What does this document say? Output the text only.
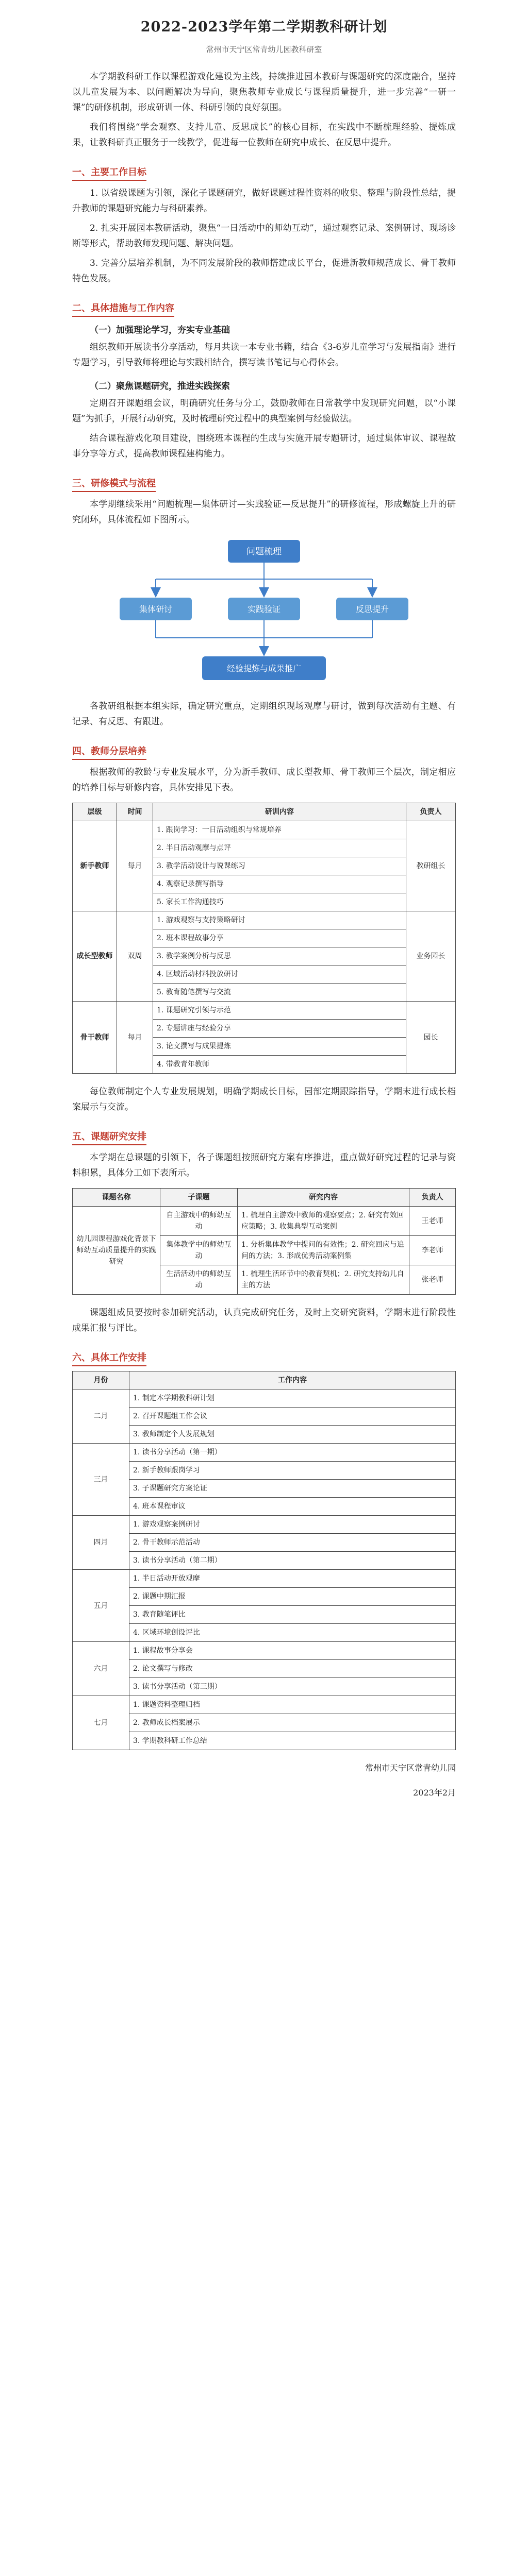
2022-2023学年第二学期教科研计划
常州市天宁区常青幼儿园教科研室

本学期教科研工作以课程游戏化建设为主线，持续推进园本教研与课题研究的深度融合，坚持以儿童发展为本、以问题解决为导向，聚焦教师专业成长与课程质量提升，进一步完善“一研一课”的研修机制，形成研训一体、科研引领的良好氛围。

我们将围绕“学会观察、支持儿童、反思成长”的核心目标，在实践中不断梳理经验、提炼成果，让教科研真正服务于一线教学，促进每一位教师在研究中成长、在反思中提升。

一、主要工作目标

1. 以省级课题为引领，深化子课题研究，做好课题过程性资料的收集、整理与阶段性总结，提升教师的课题研究能力与科研素养。

2. 扎实开展园本教研活动，聚焦“一日活动中的师幼互动”，通过观察记录、案例研讨、现场诊断等形式，帮助教师发现问题、解决问题。

3. 完善分层培养机制，为不同发展阶段的教师搭建成长平台，促进新教师规范成长、骨干教师特色发展。

二、具体措施与工作内容
（一）加强理论学习，夯实专业基础

组织教师开展读书分享活动，每月共读一本专业书籍，结合《3-6岁儿童学习与发展指南》进行专题学习，引导教师将理论与实践相结合，撰写读书笔记与心得体会。

（二）聚焦课题研究，推进实践探索

定期召开课题组会议，明确研究任务与分工，鼓励教师在日常教学中发现研究问题，以“小课题”为抓手，开展行动研究，及时梳理研究过程中的典型案例与经验做法。

结合课程游戏化项目建设，围绕班本课程的生成与实施开展专题研讨，通过集体审议、课程故事分享等方式，提高教师课程建构能力。

三、研修模式与流程

本学期继续采用“问题梳理—集体研讨—实践验证—反思提升”的研修流程，形成螺旋上升的研究闭环，具体流程如下图所示。

问题梳理
集体研讨	实践验证	反思提升
经验提炼与成果推广

各教研组根据本组实际，确定研究重点，定期组织现场观摩与研讨，做到每次活动有主题、有记录、有反思、有跟进。

四、教师分层培养

根据教师的教龄与专业发展水平，分为新手教师、成长型教师、骨干教师三个层次，制定相应的培养目标与研修内容，具体安排见下表。

层级	时间	研训内容	负责人
新手教师	每月	1. 跟岗学习：一日活动组织与常规培养	教研组长
		2. 半日活动观摩与点评	
		3. 教学活动设计与说课练习	
		4. 观察记录撰写指导	
		5. 家长工作沟通技巧	
成长型教师	双周	1. 游戏观察与支持策略研讨	业务园长
		2. 班本课程故事分享	
		3. 教学案例分析与反思	
		4. 区域活动材料投放研讨	
		5. 教育随笔撰写与交流	
骨干教师	每月	1. 课题研究引领与示范	园长
		2. 专题讲座与经验分享	
		3. 论文撰写与成果提炼	
		4. 带教青年教师	

每位教师制定个人专业发展规划，明确学期成长目标，园部定期跟踪指导，学期末进行成长档案展示与交流。

五、课题研究安排

本学期在总课题的引领下，各子课题组按照研究方案有序推进，重点做好研究过程的记录与资料积累，具体分工如下表所示。

课题名称	子课题	研究内容	负责人
幼儿园课程游戏化背景下师幼互动质量提升的实践研究	自主游戏中的师幼互动	1. 梳理自主游戏中教师的观察要点；2. 研究有效回应策略；3. 收集典型互动案例	王老师
	集体教学中的师幼互动	1. 分析集体教学中提问的有效性；2. 研究回应与追问的方法；3. 形成优秀活动案例集	李老师
	生活活动中的师幼互动	1. 梳理生活环节中的教育契机；2. 研究支持幼儿自主的方法	张老师

课题组成员要按时参加研究活动，认真完成研究任务，及时上交研究资料，学期末进行阶段性成果汇报与评比。

六、具体工作安排
月份	工作内容
二月	1. 制定本学期教科研计划
	2. 召开课题组工作会议
	3. 教师制定个人发展规划
三月	1. 读书分享活动（第一期）
	2. 新手教师跟岗学习
	3. 子课题研究方案论证
	4. 班本课程审议
四月	1. 游戏观察案例研讨
	2. 骨干教师示范活动
	3. 读书分享活动（第二期）
五月	1. 半日活动开放观摩
	2. 课题中期汇报
	3. 教育随笔评比
	4. 区域环境创设评比
六月	1. 课程故事分享会
	2. 论文撰写与修改
	3. 读书分享活动（第三期）
七月	1. 课题资料整理归档
	2. 教师成长档案展示
	3. 学期教科研工作总结

常州市天宁区常青幼儿园

2023年2月
